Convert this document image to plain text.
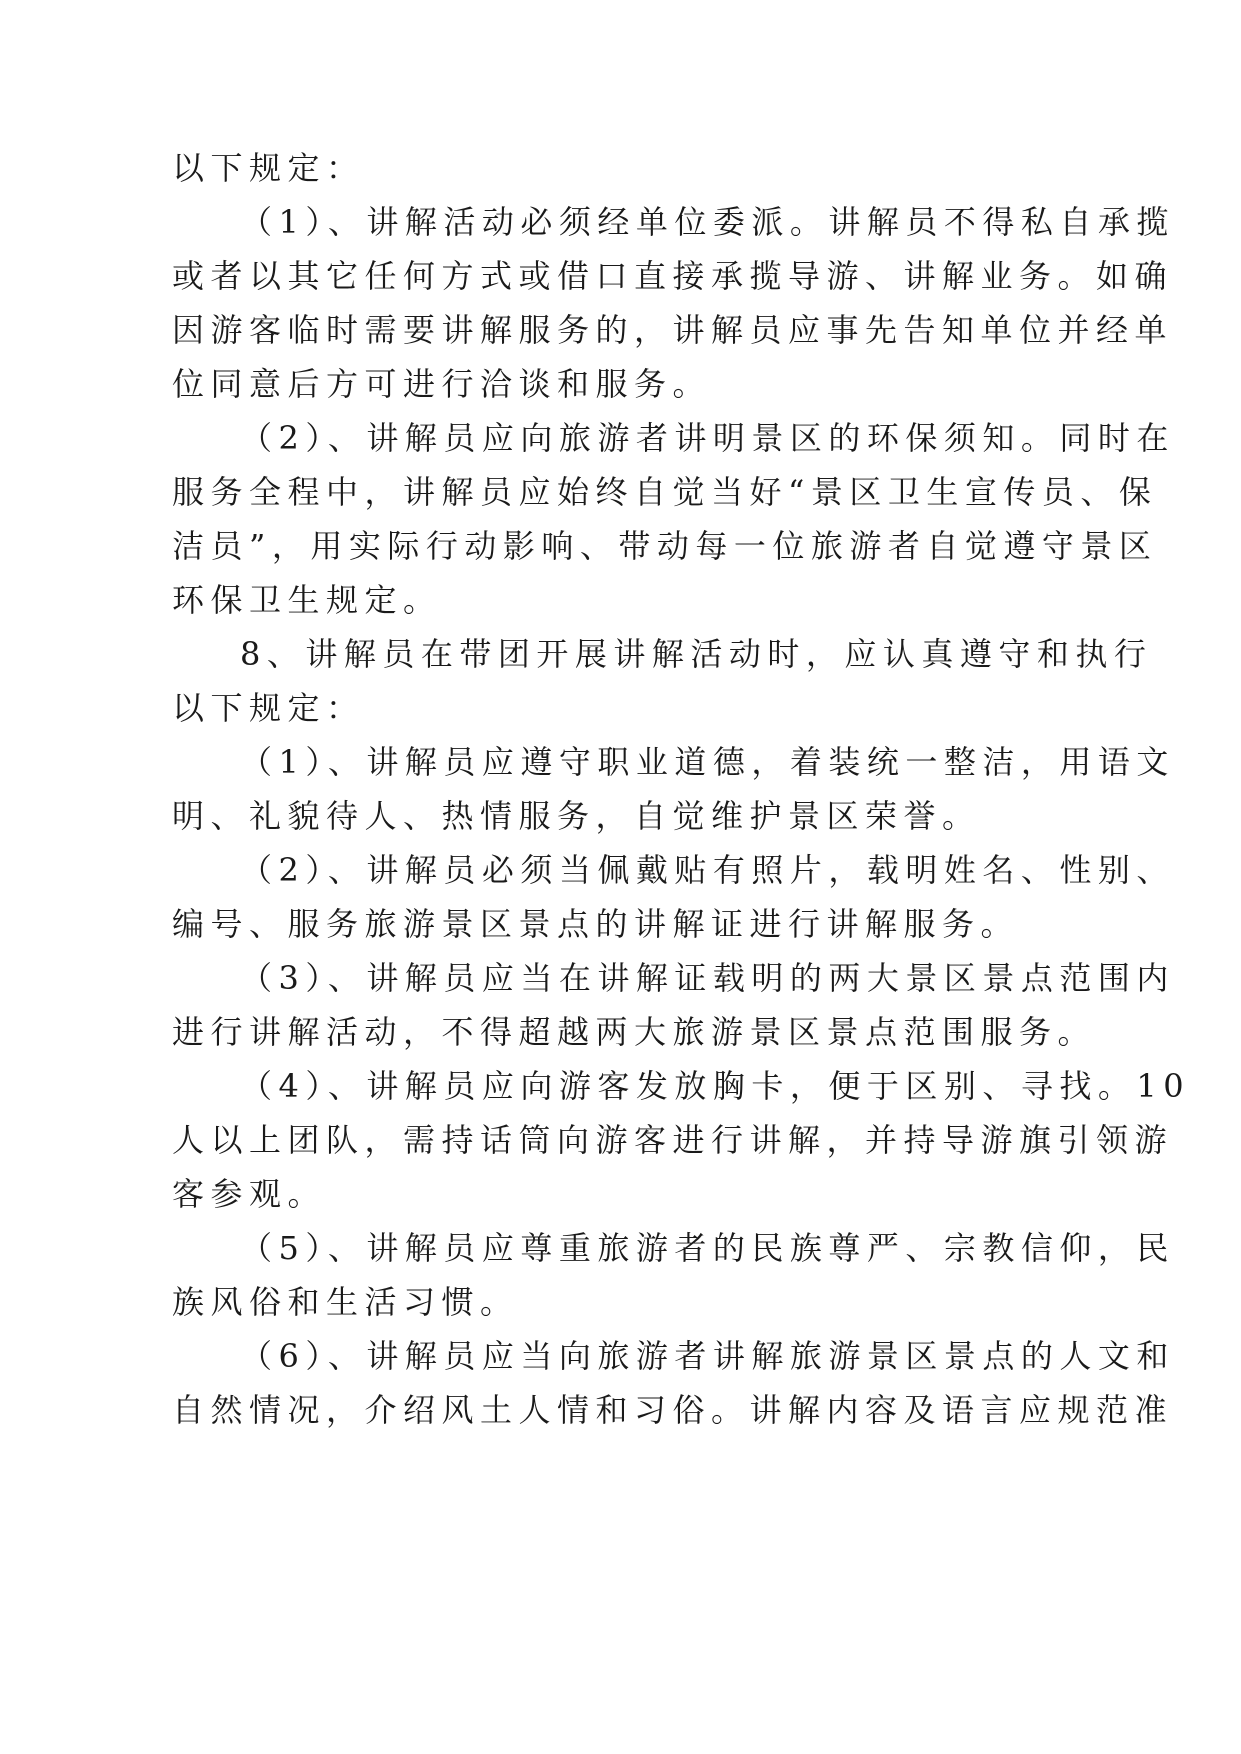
以下规定：
（1）、讲解活动必须经单位委派。讲解员不得私自承揽
或者以其它任何方式或借口直接承揽导游、讲解业务。如确
因游客临时需要讲解服务的，讲解员应事先告知单位并经单
位同意后方可进行洽谈和服务。
（2）、讲解员应向旅游者讲明景区的环保须知。同时在
服务全程中，讲解员应始终自觉当好“景区卫生宣传员、保
洁员”，用实际行动影响、带动每一位旅游者自觉遵守景区
环保卫生规定。
8、讲解员在带团开展讲解活动时，应认真遵守和执行
以下规定：
（1）、讲解员应遵守职业道德，着装统一整洁，用语文
明、礼貌待人、热情服务，自觉维护景区荣誉。
（2）、讲解员必须当佩戴贴有照片，载明姓名、性别、
编号、服务旅游景区景点的讲解证进行讲解服务。
（3）、讲解员应当在讲解证载明的两大景区景点范围内
进行讲解活动，不得超越两大旅游景区景点范围服务。
（4）、讲解员应向游客发放胸卡，便于区别、寻找。10
人以上团队，需持话筒向游客进行讲解，并持导游旗引领游
客参观。
（5）、讲解员应尊重旅游者的民族尊严、宗教信仰，民
族风俗和生活习惯。
（6）、讲解员应当向旅游者讲解旅游景区景点的人文和
自然情况，介绍风土人情和习俗。讲解内容及语言应规范准
